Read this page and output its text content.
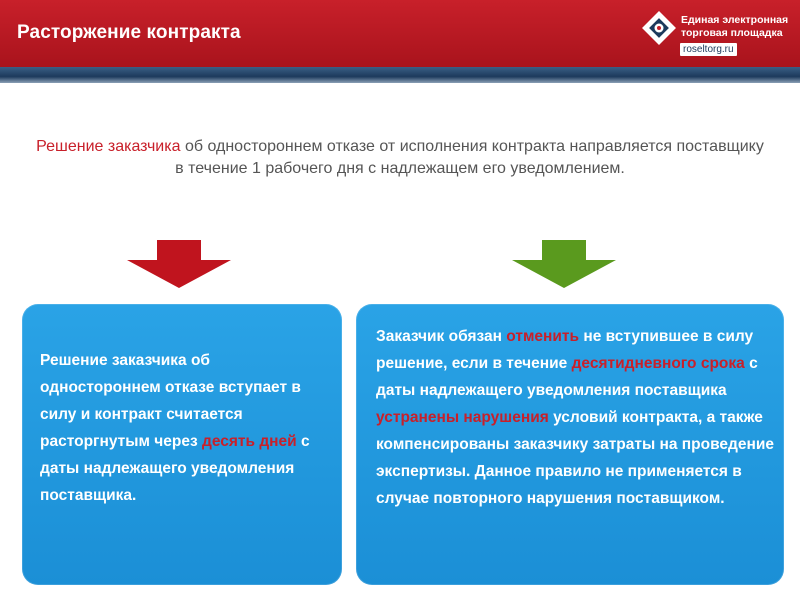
Расторжение контракта
Единая электронная
торговая площадка
roseltorg.ru
Решение заказчика об одностороннем отказе от исполнения контракта направляется поставщику в течение 1 рабочего дня с надлежащем его уведомлением.
Решение заказчика об одностороннем отказе вступает в силу и контракт считается расторгнутым через десять дней с даты надлежащего уведомления поставщика.
Заказчик обязан отменить не вступившее в силу решение, если в течение десятидневного срока с даты надлежащего уведомления поставщика устранены нарушения условий контракта, а также компенсированы заказчику затраты на проведение экспертизы. Данное правило не применяется в случае повторного нарушения поставщиком.
